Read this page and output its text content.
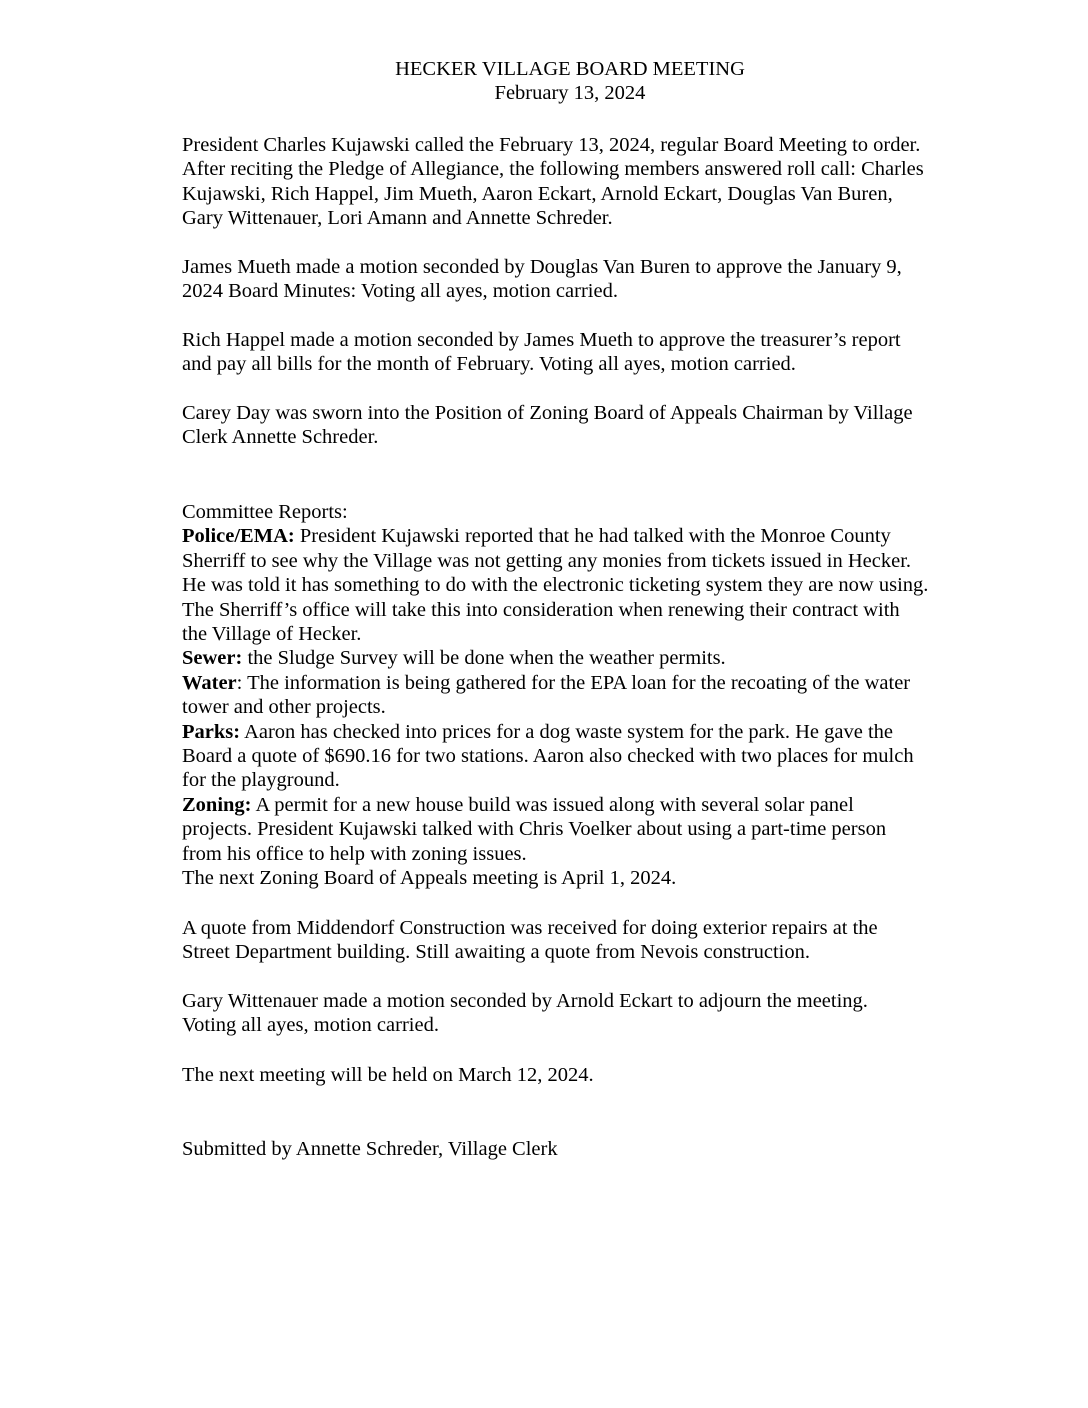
HECKER VILLAGE BOARD MEETING
February 13, 2024

President Charles Kujawski called the February 13, 2024, regular Board Meeting to order.

After reciting the Pledge of Allegiance, the following members answered roll call: Charles

Kujawski, Rich Happel, Jim Mueth, Aaron Eckart, Arnold Eckart, Douglas Van Buren,

Gary Wittenauer, Lori Amann and Annette Schreder.

James Mueth made a motion seconded by Douglas Van Buren to approve the January 9,

2024 Board Minutes: Voting all ayes, motion carried.

Rich Happel made a motion seconded by James Mueth to approve the treasurer’s report

and pay all bills for the month of February. Voting all ayes, motion carried.

Carey Day was sworn into the Position of Zoning Board of Appeals Chairman by Village

Clerk Annette Schreder.

Committee Reports:

Police/EMA: President Kujawski reported that he had talked with the Monroe County

Sherriff to see why the Village was not getting any monies from tickets issued in Hecker.

He was told it has something to do with the electronic ticketing system they are now using.

The Sherriff’s office will take this into consideration when renewing their contract with

the Village of Hecker.

Sewer: the Sludge Survey will be done when the weather permits.

Water: The information is being gathered for the EPA loan for the recoating of the water

tower and other projects.

Parks: Aaron has checked into prices for a dog waste system for the park. He gave the

Board a quote of $690.16 for two stations. Aaron also checked with two places for mulch

for the playground.

Zoning: A permit for a new house build was issued along with several solar panel

projects. President Kujawski talked with Chris Voelker about using a part-time person

from his office to help with zoning issues.

The next Zoning Board of Appeals meeting is April 1, 2024.

A quote from Middendorf Construction was received for doing exterior repairs at the

Street Department building. Still awaiting a quote from Nevois construction.

Gary Wittenauer made a motion seconded by Arnold Eckart to adjourn the meeting.

Voting all ayes, motion carried.

The next meeting will be held on March 12, 2024.

Submitted by Annette Schreder, Village Clerk
